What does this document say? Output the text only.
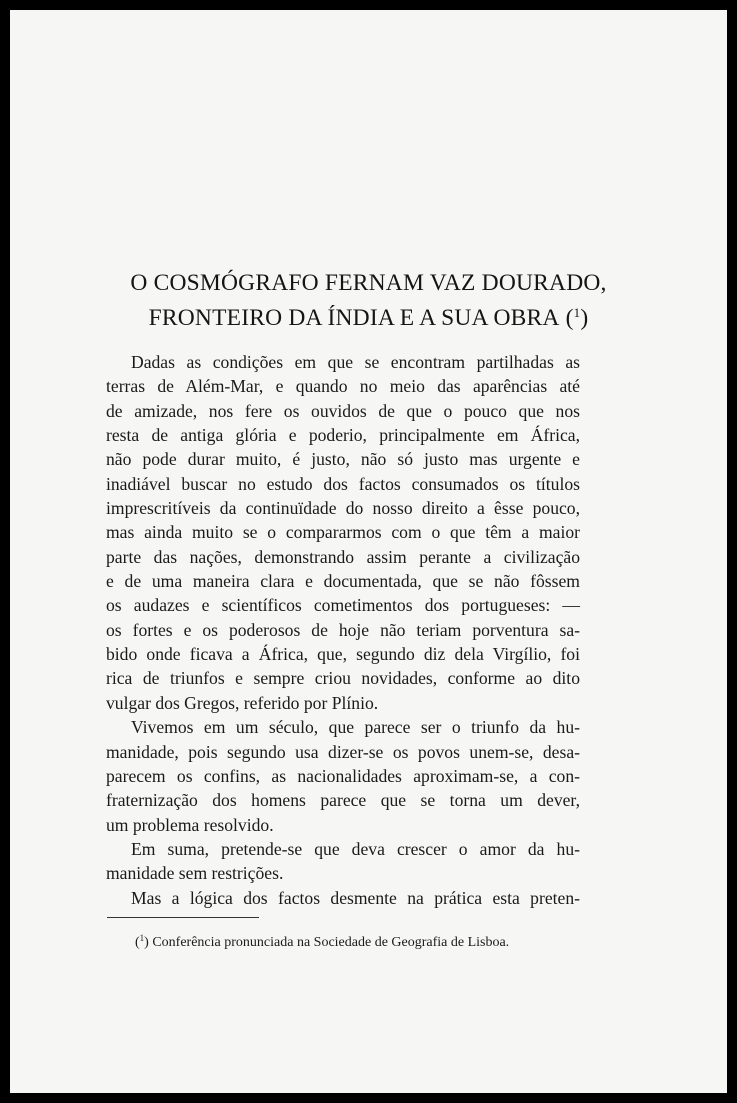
O COSMÓGRAFO FERNAM VAZ DOURADO,
FRONTEIRO DA ÍNDIA E A SUA OBRA ($^1$)
Dadas as condições em que se encontram partilhadas as
terras de Além-Mar, e quando no meio das aparências até
de amizade, nos fere os ouvidos de que o pouco que nos
resta de antiga glória e poderio, principalmente em África,
não pode durar muito, é justo, não só justo mas urgente e
inadiável buscar no estudo dos factos consumados os títulos
imprescritíveis da continuïdade do nosso direito a êsse pouco,
mas ainda muito se o compararmos com o que têm a maior
parte das nações, demonstrando assim perante a civilização
e de uma maneira clara e documentada, que se não fôssem
os audazes e scientíficos cometimentos dos portugueses: —
os fortes e os poderosos de hoje não teriam porventura sa-
bido onde ficava a África, que, segundo diz dela Virgílio, foi
rica de triunfos e sempre criou novidades, conforme ao dito
vulgar dos Gregos, referido por Plínio.
Vivemos em um século, que parece ser o triunfo da hu-
manidade, pois segundo usa dizer-se os povos unem-se, desa-
parecem os confins, as nacionalidades aproximam-se, a con-
fraternização dos homens parece que se torna um dever,
um problema resolvido.
Em suma, pretende-se que deva crescer o amor da hu-
manidade sem restrições.
Mas a lógica dos factos desmente na prática esta preten-
($^1$) Conferência pronunciada na Sociedade de Geografia de Lisboa.
